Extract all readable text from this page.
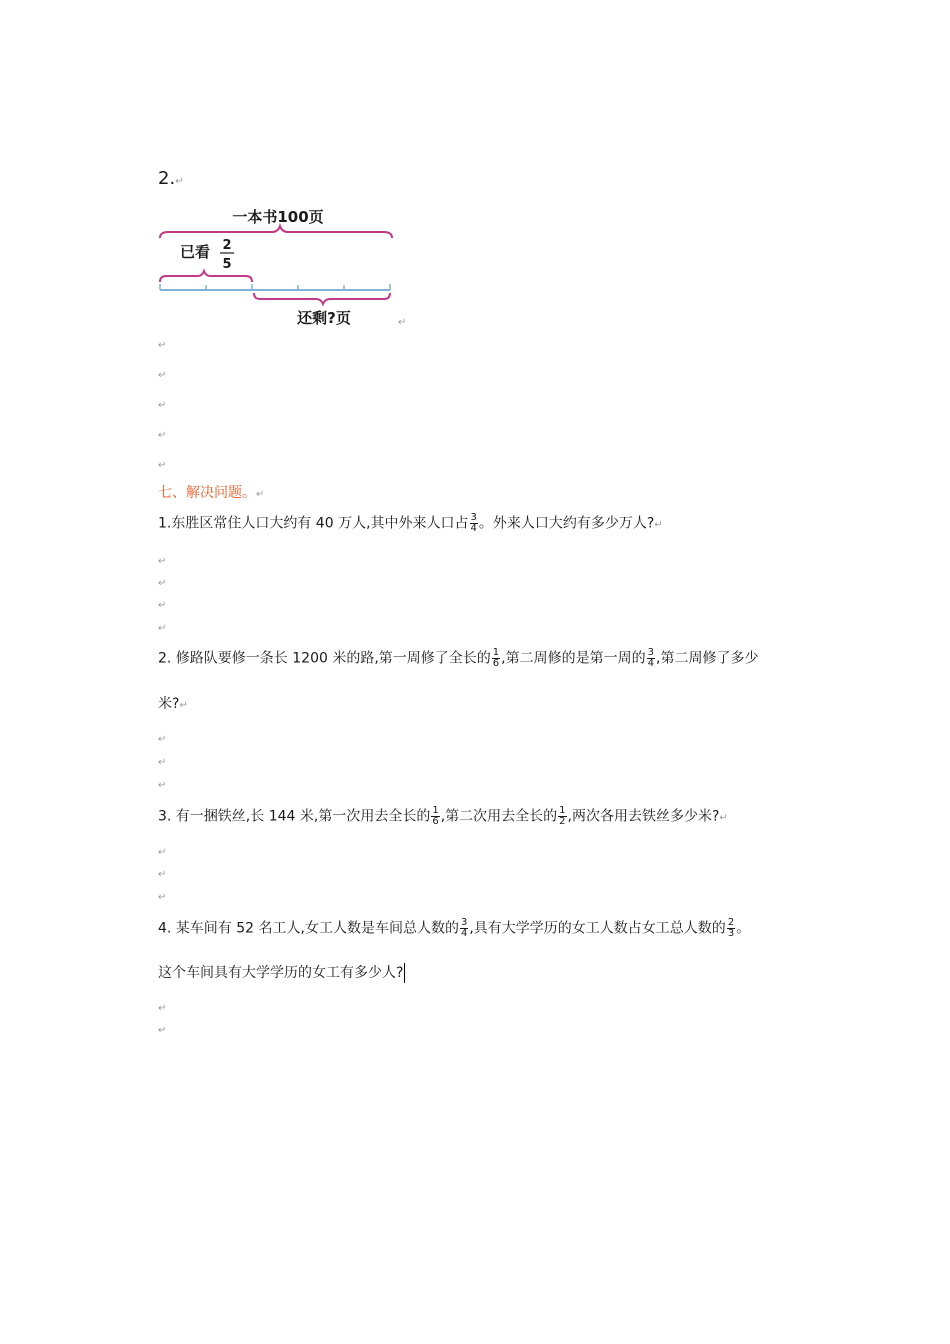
2.↵
一本书100页
已看 2
5
还剩?页	↵
↵
↵
↵
↵
↵
七、解决问题。↵
1.东胜区常住人口大约有 40 万人,其中外来人口占 $\frac{3}{4}$ 。外来人口大约有多少万人?↵
↵
↵
↵
↵
2. 修路队要修一条长 1200 米的路,第一周修了全长的 $\frac{1}{6}$ ,第二周修的是第一周的 $\frac{3}{4}$ ,第二周修了多少
米?↵
↵
↵
↵
3. 有一捆铁丝,长 144 米,第一次用去全长的 $\frac{1}{6}$ ,第二次用去全长的 $\frac{1}{2}$ ,两次各用去铁丝多少米?↵
↵
↵
↵
4. 某车间有 52 名工人,女工人数是车间总人数的 $\frac{3}{4}$ ,具有大学学历的女工人数占女工总人数的 $\frac{2}{3}$ 。
这个车间具有大学学历的女工有多少人?
↵
↵
